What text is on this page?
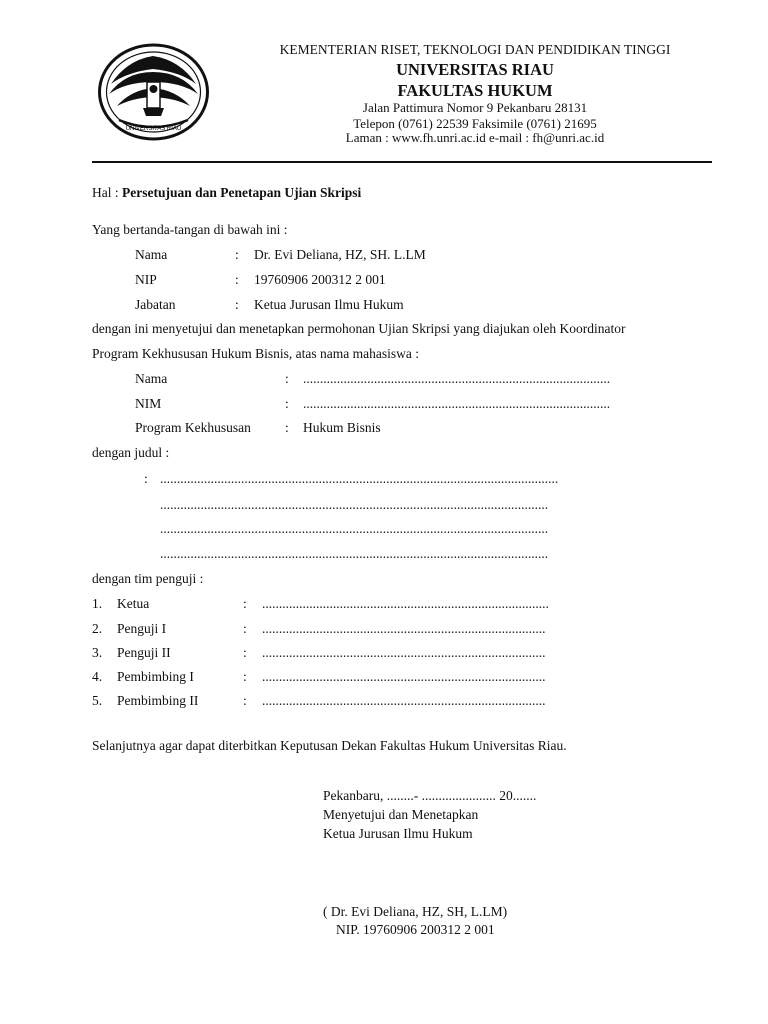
UNIVERSITAS RIAU
KEMENTERIAN RISET, TEKNOLOGI DAN PENDIDIKAN TINGGI
UNIVERSITAS RIAU
FAKULTAS HUKUM
Jalan Pattimura Nomor 9 Pekanbaru 28131
Telepon (0761) 22539 Faksimile (0761) 21695
Laman : www.fh.unri.ac.id e-mail : fh@unri.ac.id
Hal : Persetujuan dan Penetapan Ujian Skripsi
Yang bertanda-tangan di bawah ini :
Nama	: Dr. Evi Deliana, HZ, SH. L.LM
NIP	: 19760906 200312 2 001
Jabatan	: Ketua Jurusan Ilmu Hukum
dengan ini menyetujui dan menetapkan permohonan Ujian Skripsi yang diajukan oleh Koordinator
Program Kekhususan Hukum Bisnis, atas nama mahasiswa :
Nama	: ...........................................................................................
NIM	: ...........................................................................................
Program Kekhususan	: Hukum Bisnis
dengan judul :
: ......................................................................................................................
...................................................................................................................
...................................................................................................................
...................................................................................................................
dengan tim penguji :
1. Ketua	: .....................................................................................
2. Penguji I	: ....................................................................................
3. Penguji II	: ....................................................................................
4. Pembimbing I	: ....................................................................................
5. Pembimbing II	: ....................................................................................
Selanjutnya agar dapat diterbitkan Keputusan Dekan Fakultas Hukum Universitas Riau.
Pekanbaru, ........- ...................... 20.......
Menyetujui dan Menetapkan
Ketua Jurusan Ilmu Hukum
( Dr. Evi Deliana, HZ, SH, L.LM)
NIP. 19760906 200312 2 001
